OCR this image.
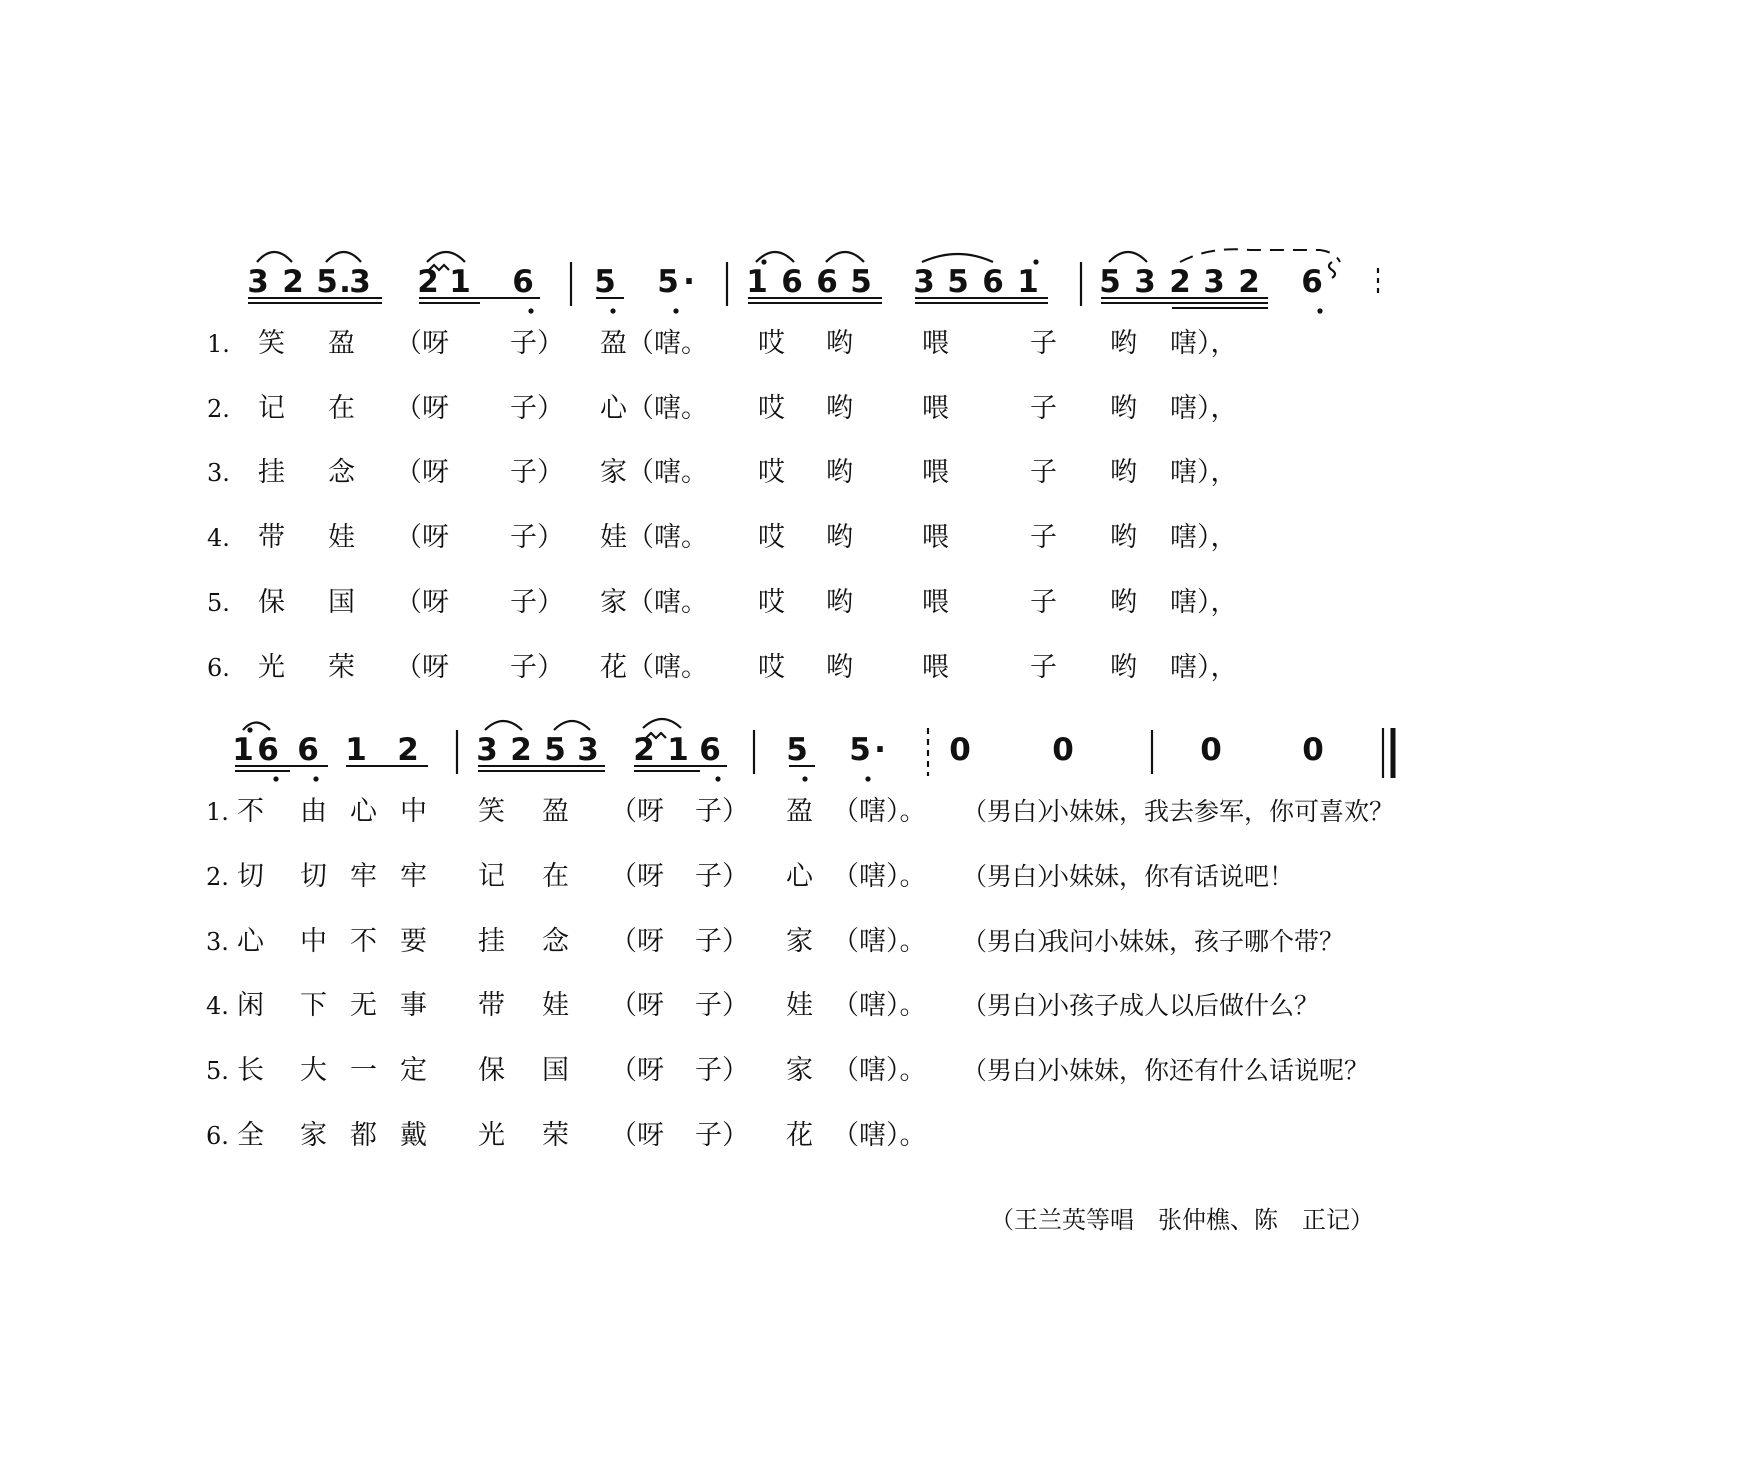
3 2 5 .
3 2 1 6 5 5 · 1 6 6 5 3 5 6 1 5 3 2 3 2 6
1. 笑 盈 （呀 子） 盈（嗐。 哎 哟	喂	子 哟 嗐），
2. 记 在 （呀 子） 心（嗐。 哎 哟	喂	子 哟 嗐），
3. 挂 念 （呀 子） 家（嗐。 哎 哟	喂	子 哟 嗐），
4. 带 娃 （呀 子） 娃（嗐。 哎 哟	喂	子 哟 嗐），
5. 保 国 （呀 子） 家（嗐。 哎 哟	喂	子 哟 嗐），
6. 光 荣 （呀 子） 花（嗐。 哎 哟	喂	子 哟 嗐），
1 6 6 1 2 3 2 5 3 2 1 6 5 5 · 0	0	0	0
1. 不 由 心 中 笑 盈 （呀 子） 盈 （嗐）。
2. 切 切 牢 牢 记 在 （呀 子） 心 （嗐）。
3. 心 中 不 要 挂 念 （呀 子） 家 （嗐）。
4. 闲 下 无 事 带 娃 （呀 子） 娃 （嗐）。
5. 长 大 一 定 保 国 （呀 子） 家 （嗐）。
6. 全 家 都 戴 光 荣 （呀 子） 花 （嗐）。
（男白）
小妹妹，我去参军，你可喜欢？
（男白）
小妹妹，你有话说吧！
（男白）
我问小妹妹，孩子哪个带？
（男白）
小孩子成人以后做什么？
（男白）
小妹妹，你还有什么话说呢？
（王兰英等唱　张仲樵、陈　正记）
